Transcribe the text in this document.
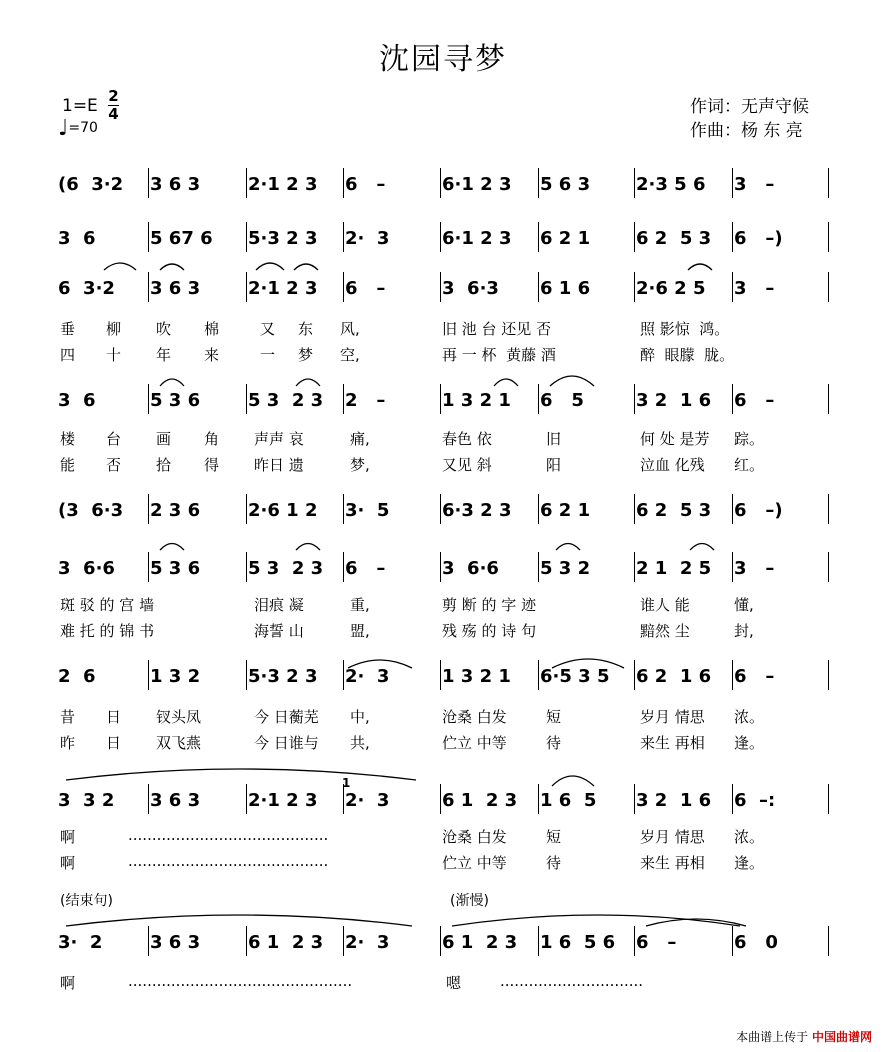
沈园寻梦
1=E 2
4
♩=70
作词：无声守候
作曲：杨 东 亮
(6  3·2 3 6 3	2·1 2 3 6   –	6·1 2 3 5 6 3	2·3 5 6 3   –
3  6	5 67 6 5·3 2 3 2·  3	6·1 2 3 6 2 1	6 2  5 3 6   –)
6  3·2 3 6 3	2·1 2 3 6   –	3  6·3 6 1 6	2·6 2 5 3   –
垂 柳 吹 棉	又 东 风,	旧 池 台 还见 否	照 影惊  鸿。
四 十 年 来	一 梦 空,	再 一 杯  黄藤 酒	醉  眼朦  胧。
3  6	5 3 6	5 3  2 3 2   –	1 3 2 1 6   5	3 2  1 6 6   –
楼 台 画 角 声声 哀	痛,	春色 依	旧	何 处 是芳 踪。
能 否 拾 得 昨日 遗	梦,	又见 斜	阳	泣血 化残 红。
(3  6·3 2 3 6	2·6 1 2 3·  5	6·3 2 3 6 2 1	6 2  5 3 6   –)
3  6·6 5 3 6	5 3  2 3 6   –	3  6·6 5 3 2	2 1  2 5 3   –
斑 驳 的 宫 墙	泪痕 凝	重,	剪 断 的 字 迹	谁人 能	懂,
难 托 的 锦 书	海誓 山	盟,	残 殇 的 诗 句	黯然 尘	封,
2  6	1 3 2	5·3 2 3 2·  3	1 3 2 1 6·5 3 5 6 2  1 6 6   –
昔 日 钗头凤	今 日蘅芜 中,	沧桑 白发	短	岁月 情思 浓。
昨 日 双飞燕	今 日谁与 共,	伫立 中等	待	来生 再相 逢。
3  3 2 3 6 3	2·1 2 3 2·  3	6 1  2 3 1 6  5 3 2  1 6 6  –:
1
啊	..........................................	沧桑 白发	短	岁月 情思 浓。
啊	..........................................	伫立 中等	待	来生 再相 逢。
3·  2	3 6 3	6 1  2 3 2·  3	6 1  2 3 1 6  5 6 6   –	6   0
啊	...............................................	嗯	..............................
(结束句)	(渐慢)
本曲谱上传于 中国曲谱网
